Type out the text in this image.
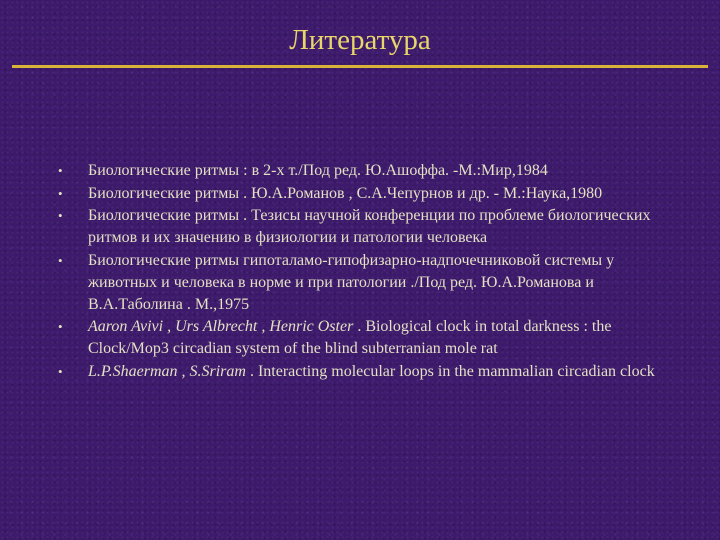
Литература
•	Биологические ритмы : в 2-х т./Под ред. Ю.Ашоффа. -М.:Мир,1984
•	Биологические ритмы . Ю.А.Романов , С.А.Чепурнов и др. - М.:Наука,1980
•	Биологические ритмы . Тезисы научной конференции по проблеме биологических ритмов и их значению в физиологии и патологии человека
•	Биологические ритмы гипоталамо-гипофизарно-надпочечниковой системы у животных и человека в норме и при патологии ./Под ред. Ю.А.Романова и В.А.Таболина . М.,1975
•	Aaron Avivi , Urs Albrecht , Henric Oster . Biological clock in total darkness : the Clock/Mop3 circadian system of the blind subterranian mole rat
•	L.P.Shaerman , S.Sriram . Interacting molecular loops in the mammalian circadian clock
